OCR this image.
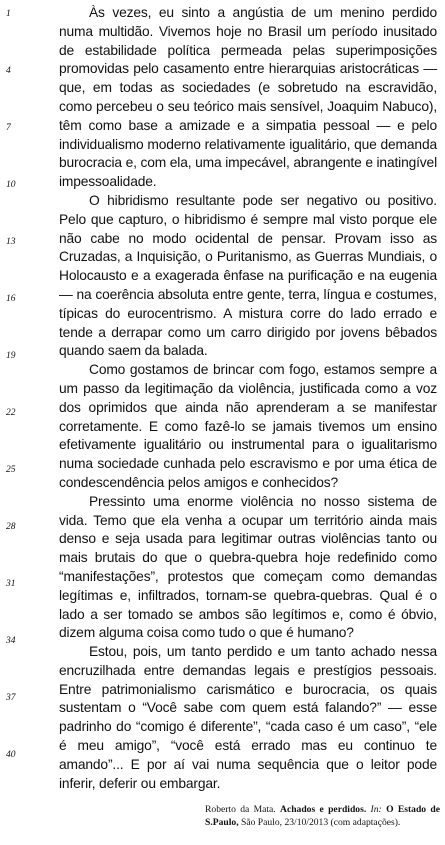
1
4
7
10
13
16
19
22
25
28
31
34
37
40

Às vezes, eu sinto a angústia de um menino perdido numa multidão. Vivemos hoje no Brasil um período inusitado de estabilidade política permeada pelas superimposições promovidas pelo casamento entre hierarquias aristocráticas — que, em todas as sociedades (e sobretudo na escravidão, como percebeu o seu teórico mais sensível, Joaquim Nabuco), têm como base a amizade e a simpatia pessoal — e pelo individualismo moderno relativamente igualitário, que demanda burocracia e, com ela, uma impecável, abrangente e inatingível impessoalidade.

O hibridismo resultante pode ser negativo ou positivo. Pelo que capturo, o hibridismo é sempre mal visto porque ele não cabe no modo ocidental de pensar. Provam isso as Cruzadas, a Inquisição, o Puritanismo, as Guerras Mundiais, o Holocausto e a exagerada ênfase na purificação e na eugenia — na coerência absoluta entre gente, terra, língua e costumes, típicas do eurocentrismo. A mistura corre do lado errado e tende a derrapar como um carro dirigido por jovens bêbados quando saem da balada.

Como gostamos de brincar com fogo, estamos sempre a um passo da legitimação da violência, justificada como a voz dos oprimidos que ainda não aprenderam a se manifestar corretamente. E como fazê-lo se jamais tivemos um ensino efetivamente igualitário ou instrumental para o igualitarismo numa sociedade cunhada pelo escravismo e por uma ética de condescendência pelos amigos e conhecidos?

Pressinto uma enorme violência no nosso sistema de vida. Temo que ela venha a ocupar um território ainda mais denso e seja usada para legitimar outras violências tanto ou mais brutais do que o quebra-quebra hoje redefinido como “manifestações”, protestos que começam como demandas legítimas e, infiltrados, tornam-se quebra-quebras. Qual é o lado a ser tomado se ambos são legítimos e, como é óbvio, dizem alguma coisa como tudo o que é humano?

Estou, pois, um tanto perdido e um tanto achado nessa encruzilhada entre demandas legais e prestígios pessoais. Entre patrimonialismo carismático e burocracia, os quais sustentam o “Você sabe com quem está falando?” — esse padrinho do “comigo é diferente”, “cada caso é um caso”, “ele é meu amigo”, “você está errado mas eu continuo te amando”... E por aí vai numa sequência que o leitor pode inferir, deferir ou embargar.

Roberto da Mata. Achados e perdidos. In: O Estado de S.Paulo, São Paulo, 23/10/2013 (com adaptações).
